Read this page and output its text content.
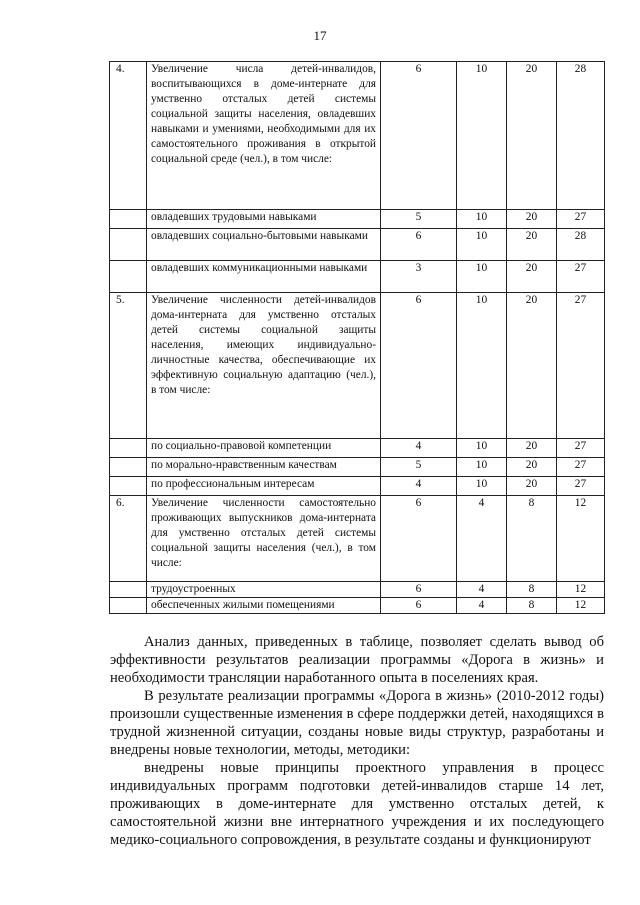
17
4.	Увеличение числа детей-инвалидов, воспитывающихся в доме-интернате для умственно отсталых детей системы социальной защиты населения, овладевших навыками и умениями, необходимыми для их самостоятельного проживания в открытой социальной среде (чел.), в том числе:	6	10	20	28
	овладевших трудовыми навыками	5	10	20	27
	овладевших социально-бытовыми навыками	6	10	20	28
	овладевших коммуникационными навыками	3	10	20	27
5.	Увеличение численности детей-инвалидов дома-интерната для умственно отсталых детей системы социальной защиты населения, имеющих индивидуально-личностные качества, обеспечивающие их эффективную социальную адаптацию (чел.), в том числе:	6	10	20	27
	по социально-правовой компетенции	4	10	20	27
	по морально-нравственным качествам	5	10	20	27
	по профессиональным интересам	4	10	20	27
6.	Увеличение численности самостоятельно проживающих выпускников дома-интерната для умственно отсталых детей системы социальной защиты населения (чел.), в том числе:	6	4	8	12
	трудоустроенных	6	4	8	12
	обеспеченных жилыми помещениями	6	4	8	12

Анализ данных, приведенных в таблице, позволяет сделать вывод об эффективности результатов реализации программы «Дорога в жизнь» и необходимости трансляции наработанного опыта в поселениях края.

В результате реализации программы «Дорога в жизнь» (2010-2012 годы) произошли существенные изменения в сфере поддержки детей, находящихся в трудной жизненной ситуации, созданы новые виды структур, разработаны и внедрены новые технологии, методы, методики:

внедрены новые принципы проектного управления в процесс индивидуальных программ подготовки детей-инвалидов старше 14 лет, проживающих в доме-интернате для умственно отсталых детей, к самостоятельной жизни вне интернатного учреждения и их последующего медико-социального сопровождения, в результате созданы и функционируют
